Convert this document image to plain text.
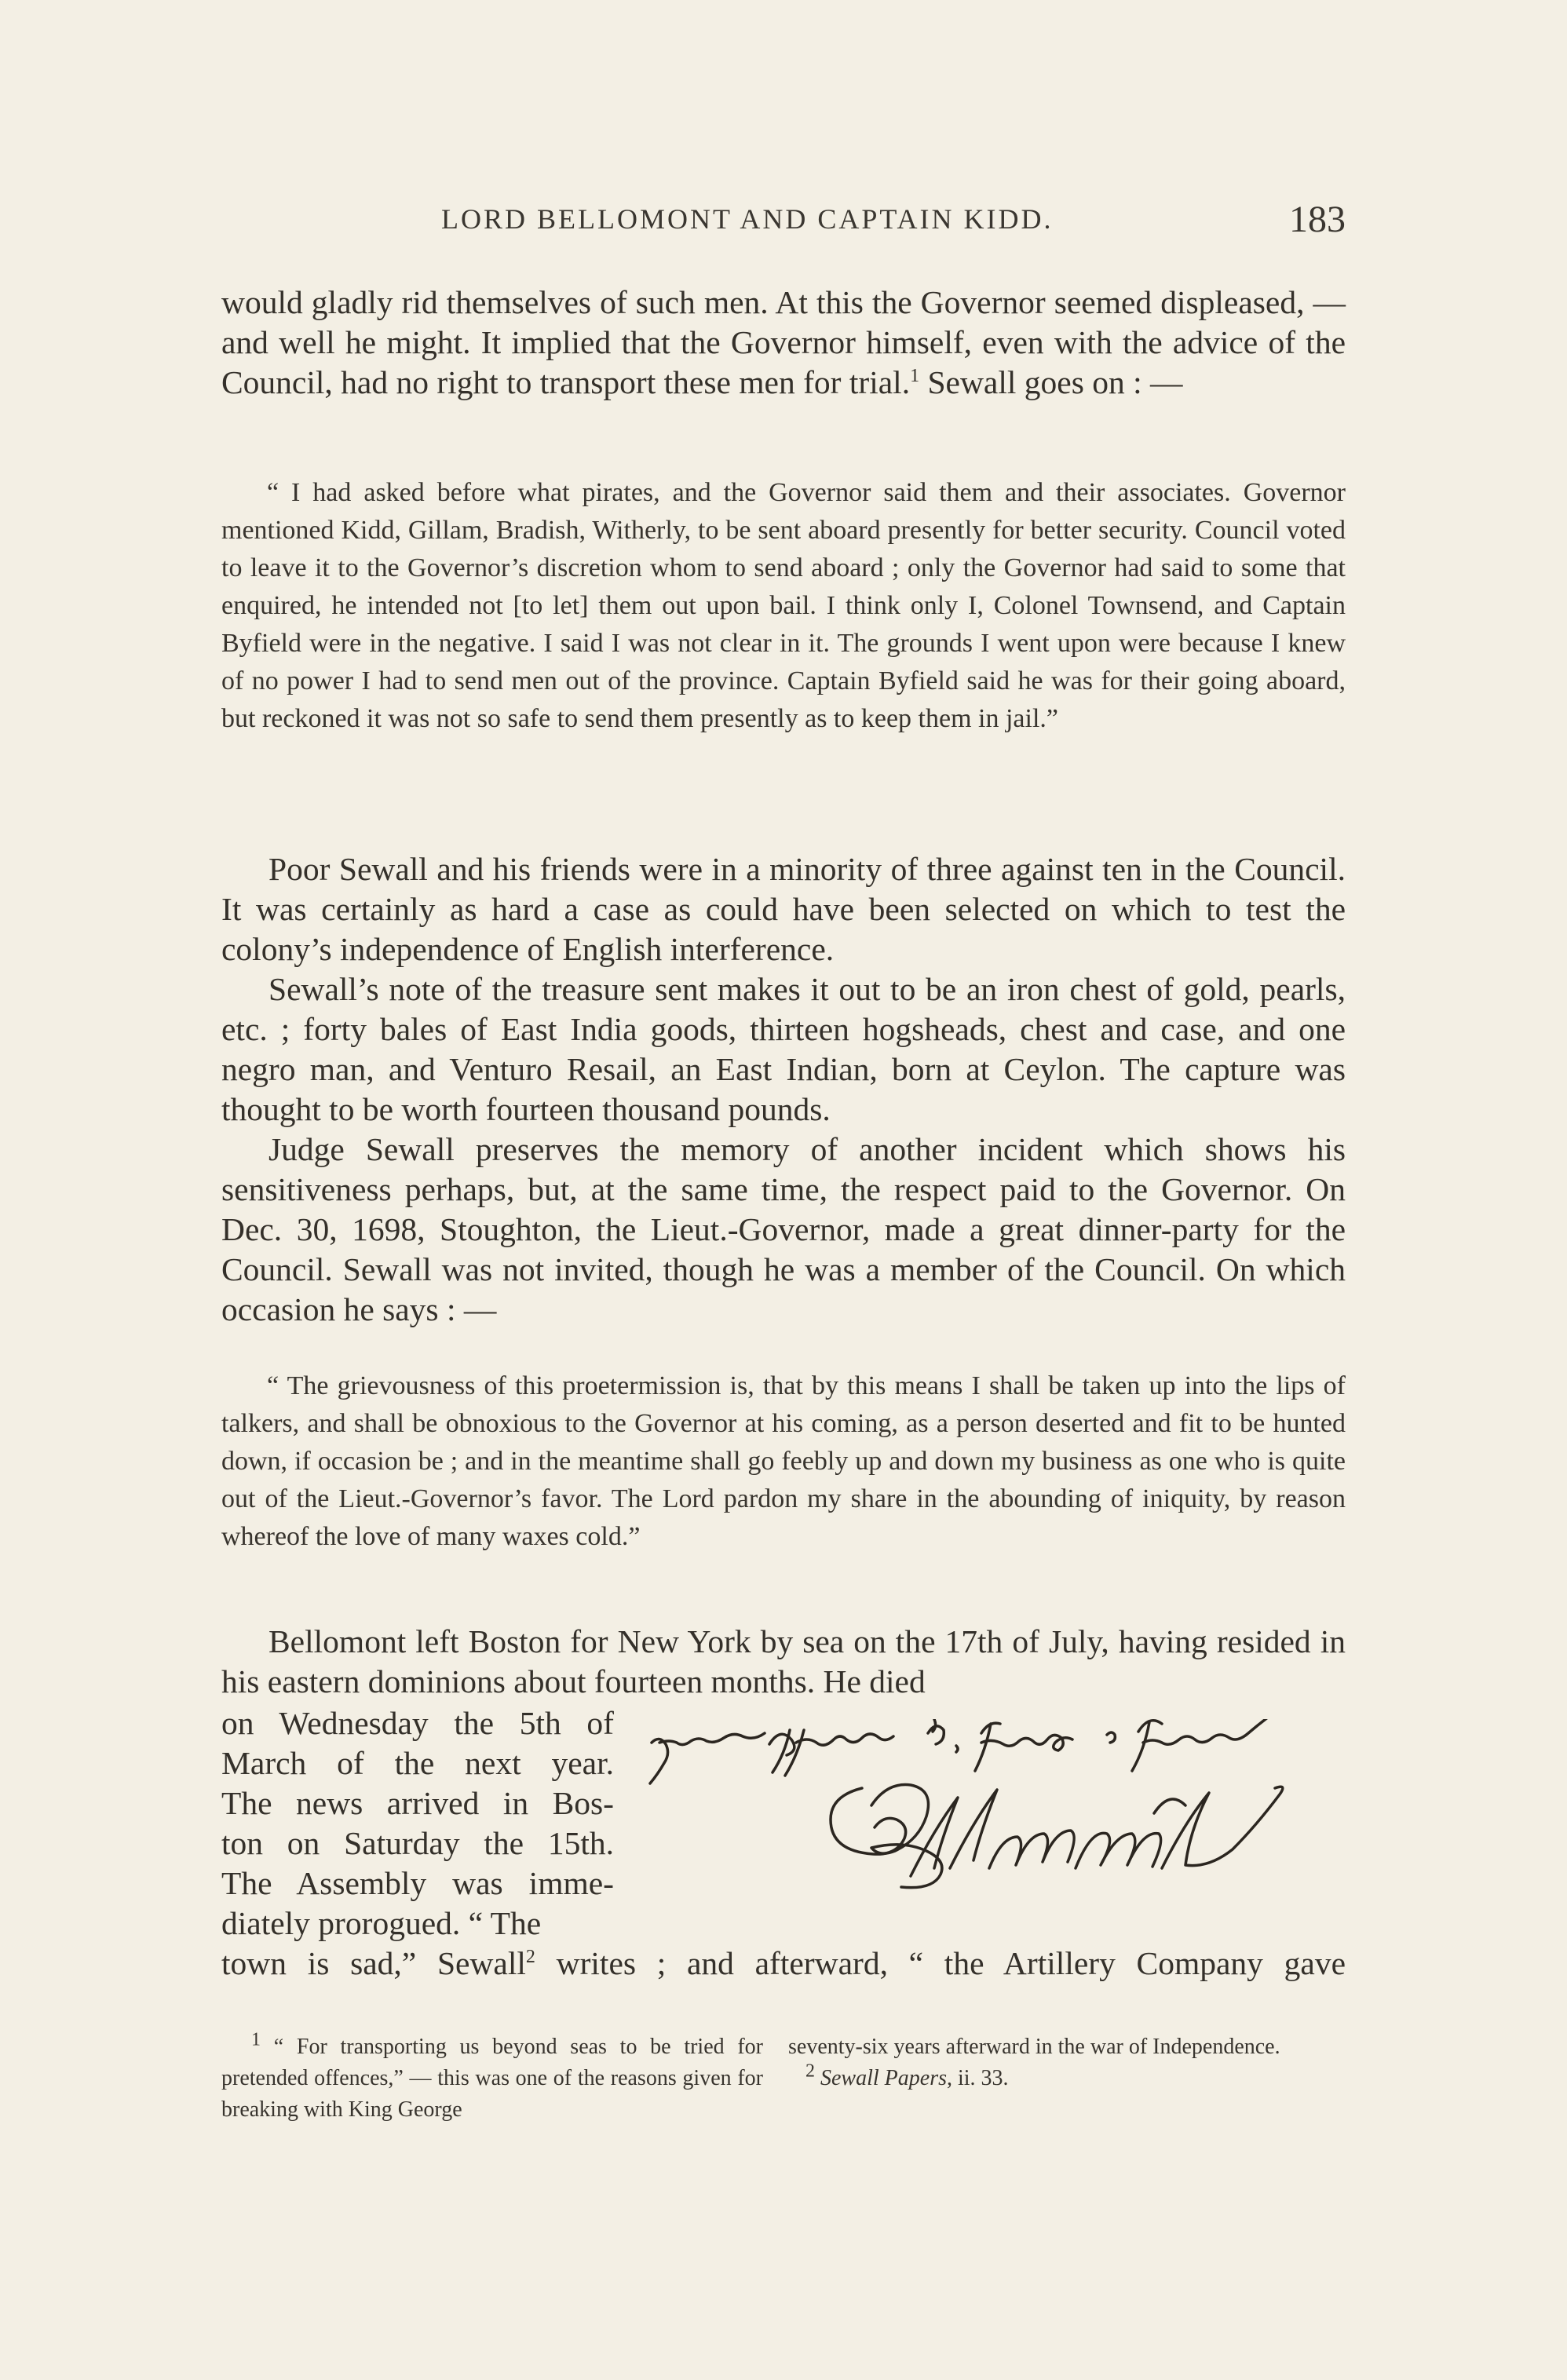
LORD BELLOMONT AND CAPTAIN KIDD.	183

would gladly rid themselves of such men. At this the Governor seemed displeased, — and well he might. It implied that the Governor himself, even with the advice of the Council, had no right to transport these men for trial.$^1$ Sewall goes on : —

“ I had asked before what pirates, and the Governor said them and their associates. Governor mentioned Kidd, Gillam, Bradish, Witherly, to be sent aboard presently for better security. Council voted to leave it to the Governor’s discretion whom to send aboard ; only the Governor had said to some that enquired, he intended not [to let] them out upon bail. I think only I, Colonel Townsend, and Captain Byfield were in the negative. I said I was not clear in it. The grounds I went upon were because I knew of no power I had to send men out of the province. Captain Byfield said he was for their going aboard, but reckoned it was not so safe to send them presently as to keep them in jail.”

Poor Sewall and his friends were in a minority of three against ten in the Council. It was certainly as hard a case as could have been selected on which to test the colony’s independence of English interference.

Sewall’s note of the treasure sent makes it out to be an iron chest of gold, pearls, etc. ; forty bales of East India goods, thirteen hogsheads, chest and case, and one negro man, and Venturo Resail, an East Indian, born at Ceylon. The capture was thought to be worth fourteen thousand pounds.

Judge Sewall preserves the memory of another incident which shows his sensitiveness perhaps, but, at the same time, the respect paid to the Governor. On Dec. 30, 1698, Stoughton, the Lieut.-Governor, made a great dinner-party for the Council. Sewall was not invited, though he was a member of the Council. On which occasion he says : —

“ The grievousness of this proetermission is, that by this means I shall be taken up into the lips of talkers, and shall be obnoxious to the Governor at his coming, as a person deserted and fit to be hunted down, if occasion be ; and in the meantime shall go feebly up and down my business as one who is quite out of the Lieut.-Governor’s favor. The Lord pardon my share in the abounding of iniquity, by reason whereof the love of many waxes cold.”

Bellomont left Boston for New York by sea on the 17th of July, having resided in his eastern dominions about fourteen months. He died

on Wednesday the 5th of
March of the next year.
The news arrived in Bos-
ton on Saturday the 15th.
The Assembly was imme-
diately prorogued. “ The

town is sad,” Sewall$^2$ writes ; and afterward, “ the Artillery Company gave

$^1$ “ For transporting us beyond seas to be tried for pretended offences,” — this was one of the reasons given for breaking with King George

seventy-six years afterward in the war of Independence.

$^2$ Sewall Papers, ii. 33.
